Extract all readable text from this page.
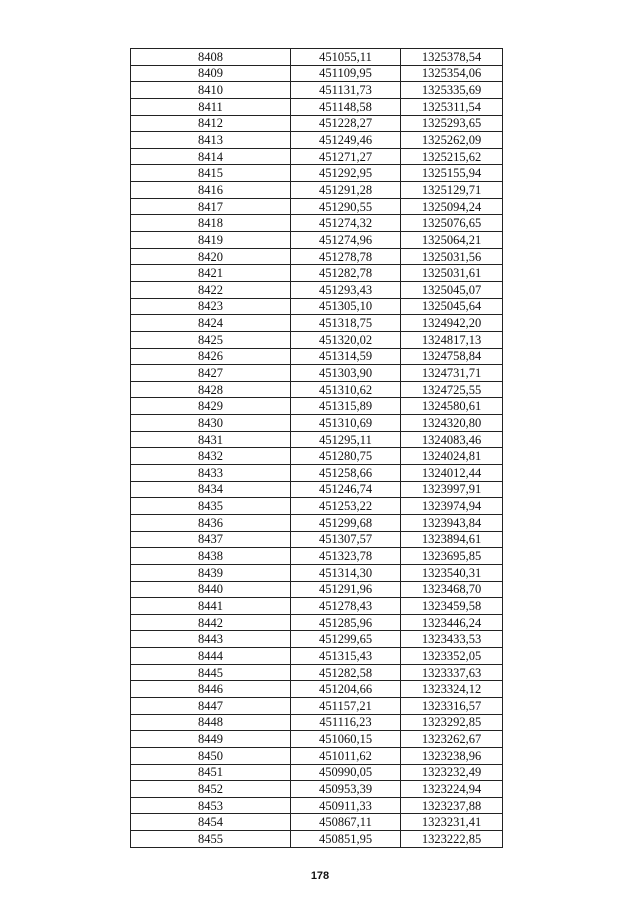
8408	451055,11	1325378,54
8409	451109,95	1325354,06
8410	451131,73	1325335,69
8411	451148,58	1325311,54
8412	451228,27	1325293,65
8413	451249,46	1325262,09
8414	451271,27	1325215,62
8415	451292,95	1325155,94
8416	451291,28	1325129,71
8417	451290,55	1325094,24
8418	451274,32	1325076,65
8419	451274,96	1325064,21
8420	451278,78	1325031,56
8421	451282,78	1325031,61
8422	451293,43	1325045,07
8423	451305,10	1325045,64
8424	451318,75	1324942,20
8425	451320,02	1324817,13
8426	451314,59	1324758,84
8427	451303,90	1324731,71
8428	451310,62	1324725,55
8429	451315,89	1324580,61
8430	451310,69	1324320,80
8431	451295,11	1324083,46
8432	451280,75	1324024,81
8433	451258,66	1324012,44
8434	451246,74	1323997,91
8435	451253,22	1323974,94
8436	451299,68	1323943,84
8437	451307,57	1323894,61
8438	451323,78	1323695,85
8439	451314,30	1323540,31
8440	451291,96	1323468,70
8441	451278,43	1323459,58
8442	451285,96	1323446,24
8443	451299,65	1323433,53
8444	451315,43	1323352,05
8445	451282,58	1323337,63
8446	451204,66	1323324,12
8447	451157,21	1323316,57
8448	451116,23	1323292,85
8449	451060,15	1323262,67
8450	451011,62	1323238,96
8451	450990,05	1323232,49
8452	450953,39	1323224,94
8453	450911,33	1323237,88
8454	450867,11	1323231,41
8455	450851,95	1323222,85
178
